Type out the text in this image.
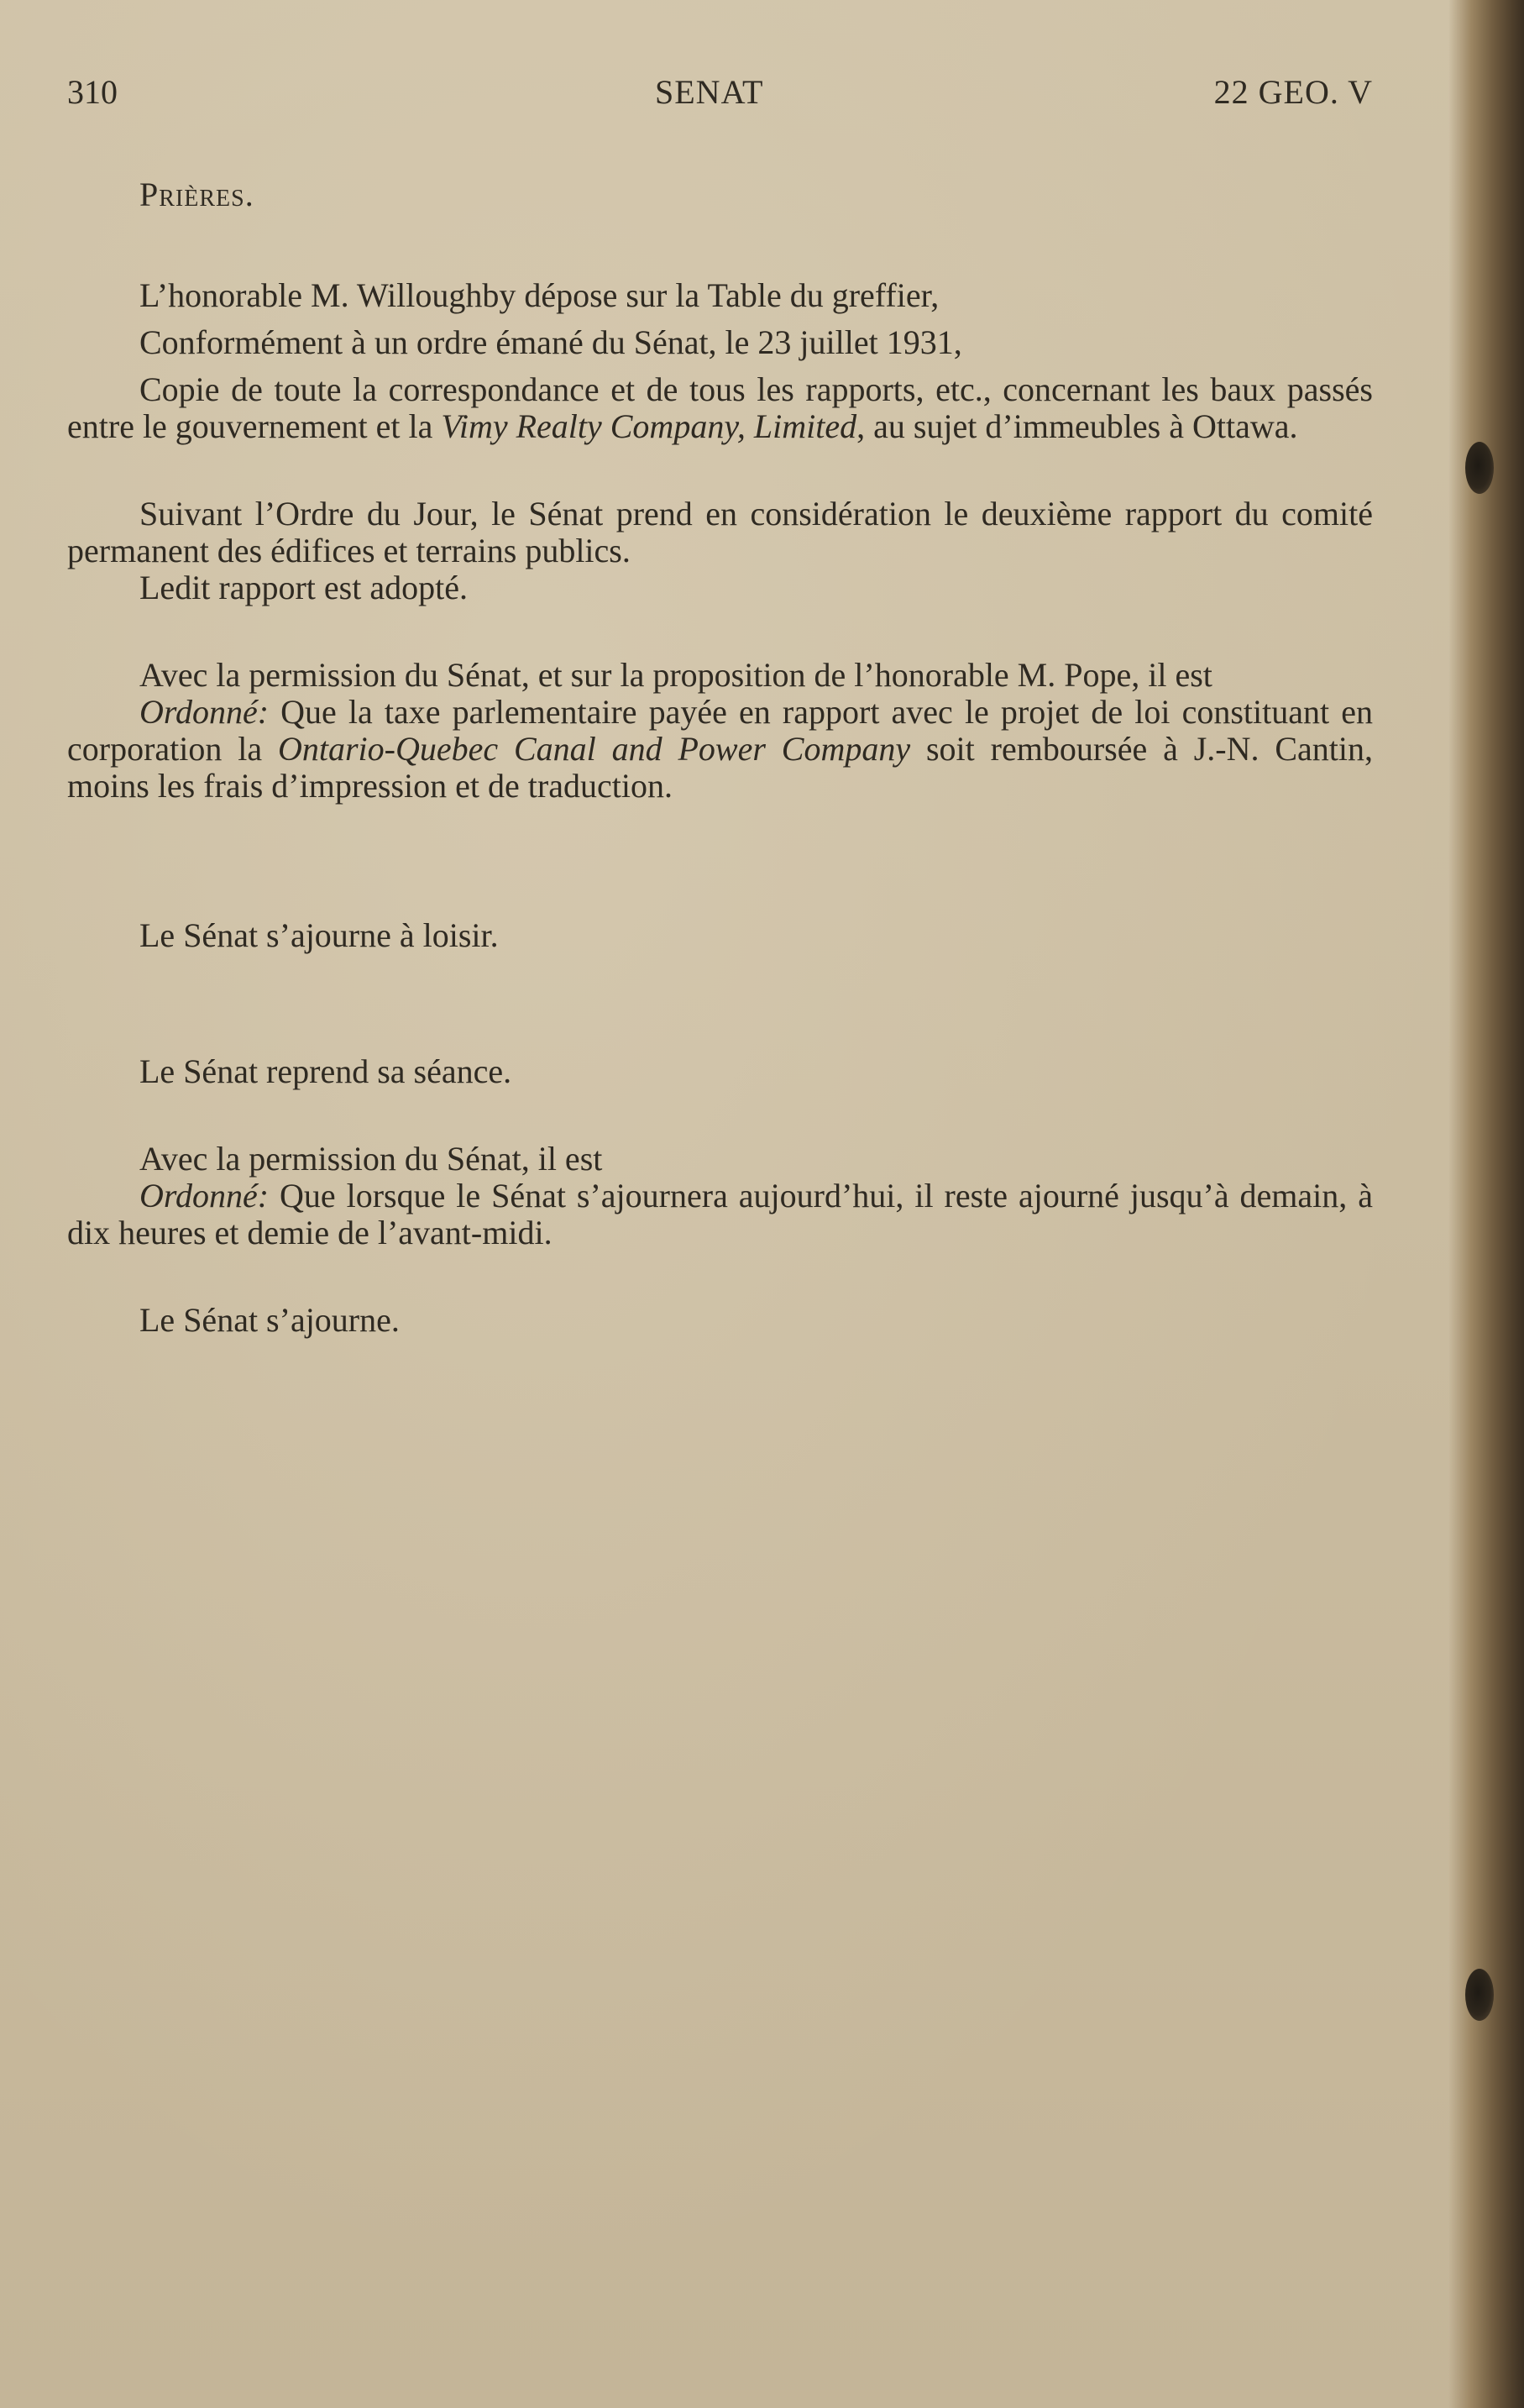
310	SENAT	22 GEO. V

Prières.

L’honorable M. Willoughby dépose sur la Table du greffier,

Conformément à un ordre émané du Sénat, le 23 juillet 1931,

Copie de toute la correspondance et de tous les rapports, etc., concernant les baux passés entre le gouvernement et la Vimy Realty Company, Limited, au sujet d’immeubles à Ottawa.

Suivant l’Ordre du Jour, le Sénat prend en considération le deuxième rapport du comité permanent des édifices et terrains publics.

Ledit rapport est adopté.

Avec la permission du Sénat, et sur la proposition de l’honorable M. Pope, il est

Ordonné: Que la taxe parlementaire payée en rapport avec le projet de loi constituant en corporation la Ontario-Quebec Canal and Power Company soit remboursée à J.-N. Cantin, moins les frais d’impression et de traduction.

Le Sénat s’ajourne à loisir.

Le Sénat reprend sa séance.

Avec la permission du Sénat, il est

Ordonné: Que lorsque le Sénat s’ajournera aujourd’hui, il reste ajourné jusqu’à demain, à dix heures et demie de l’avant-midi.

Le Sénat s’ajourne.
